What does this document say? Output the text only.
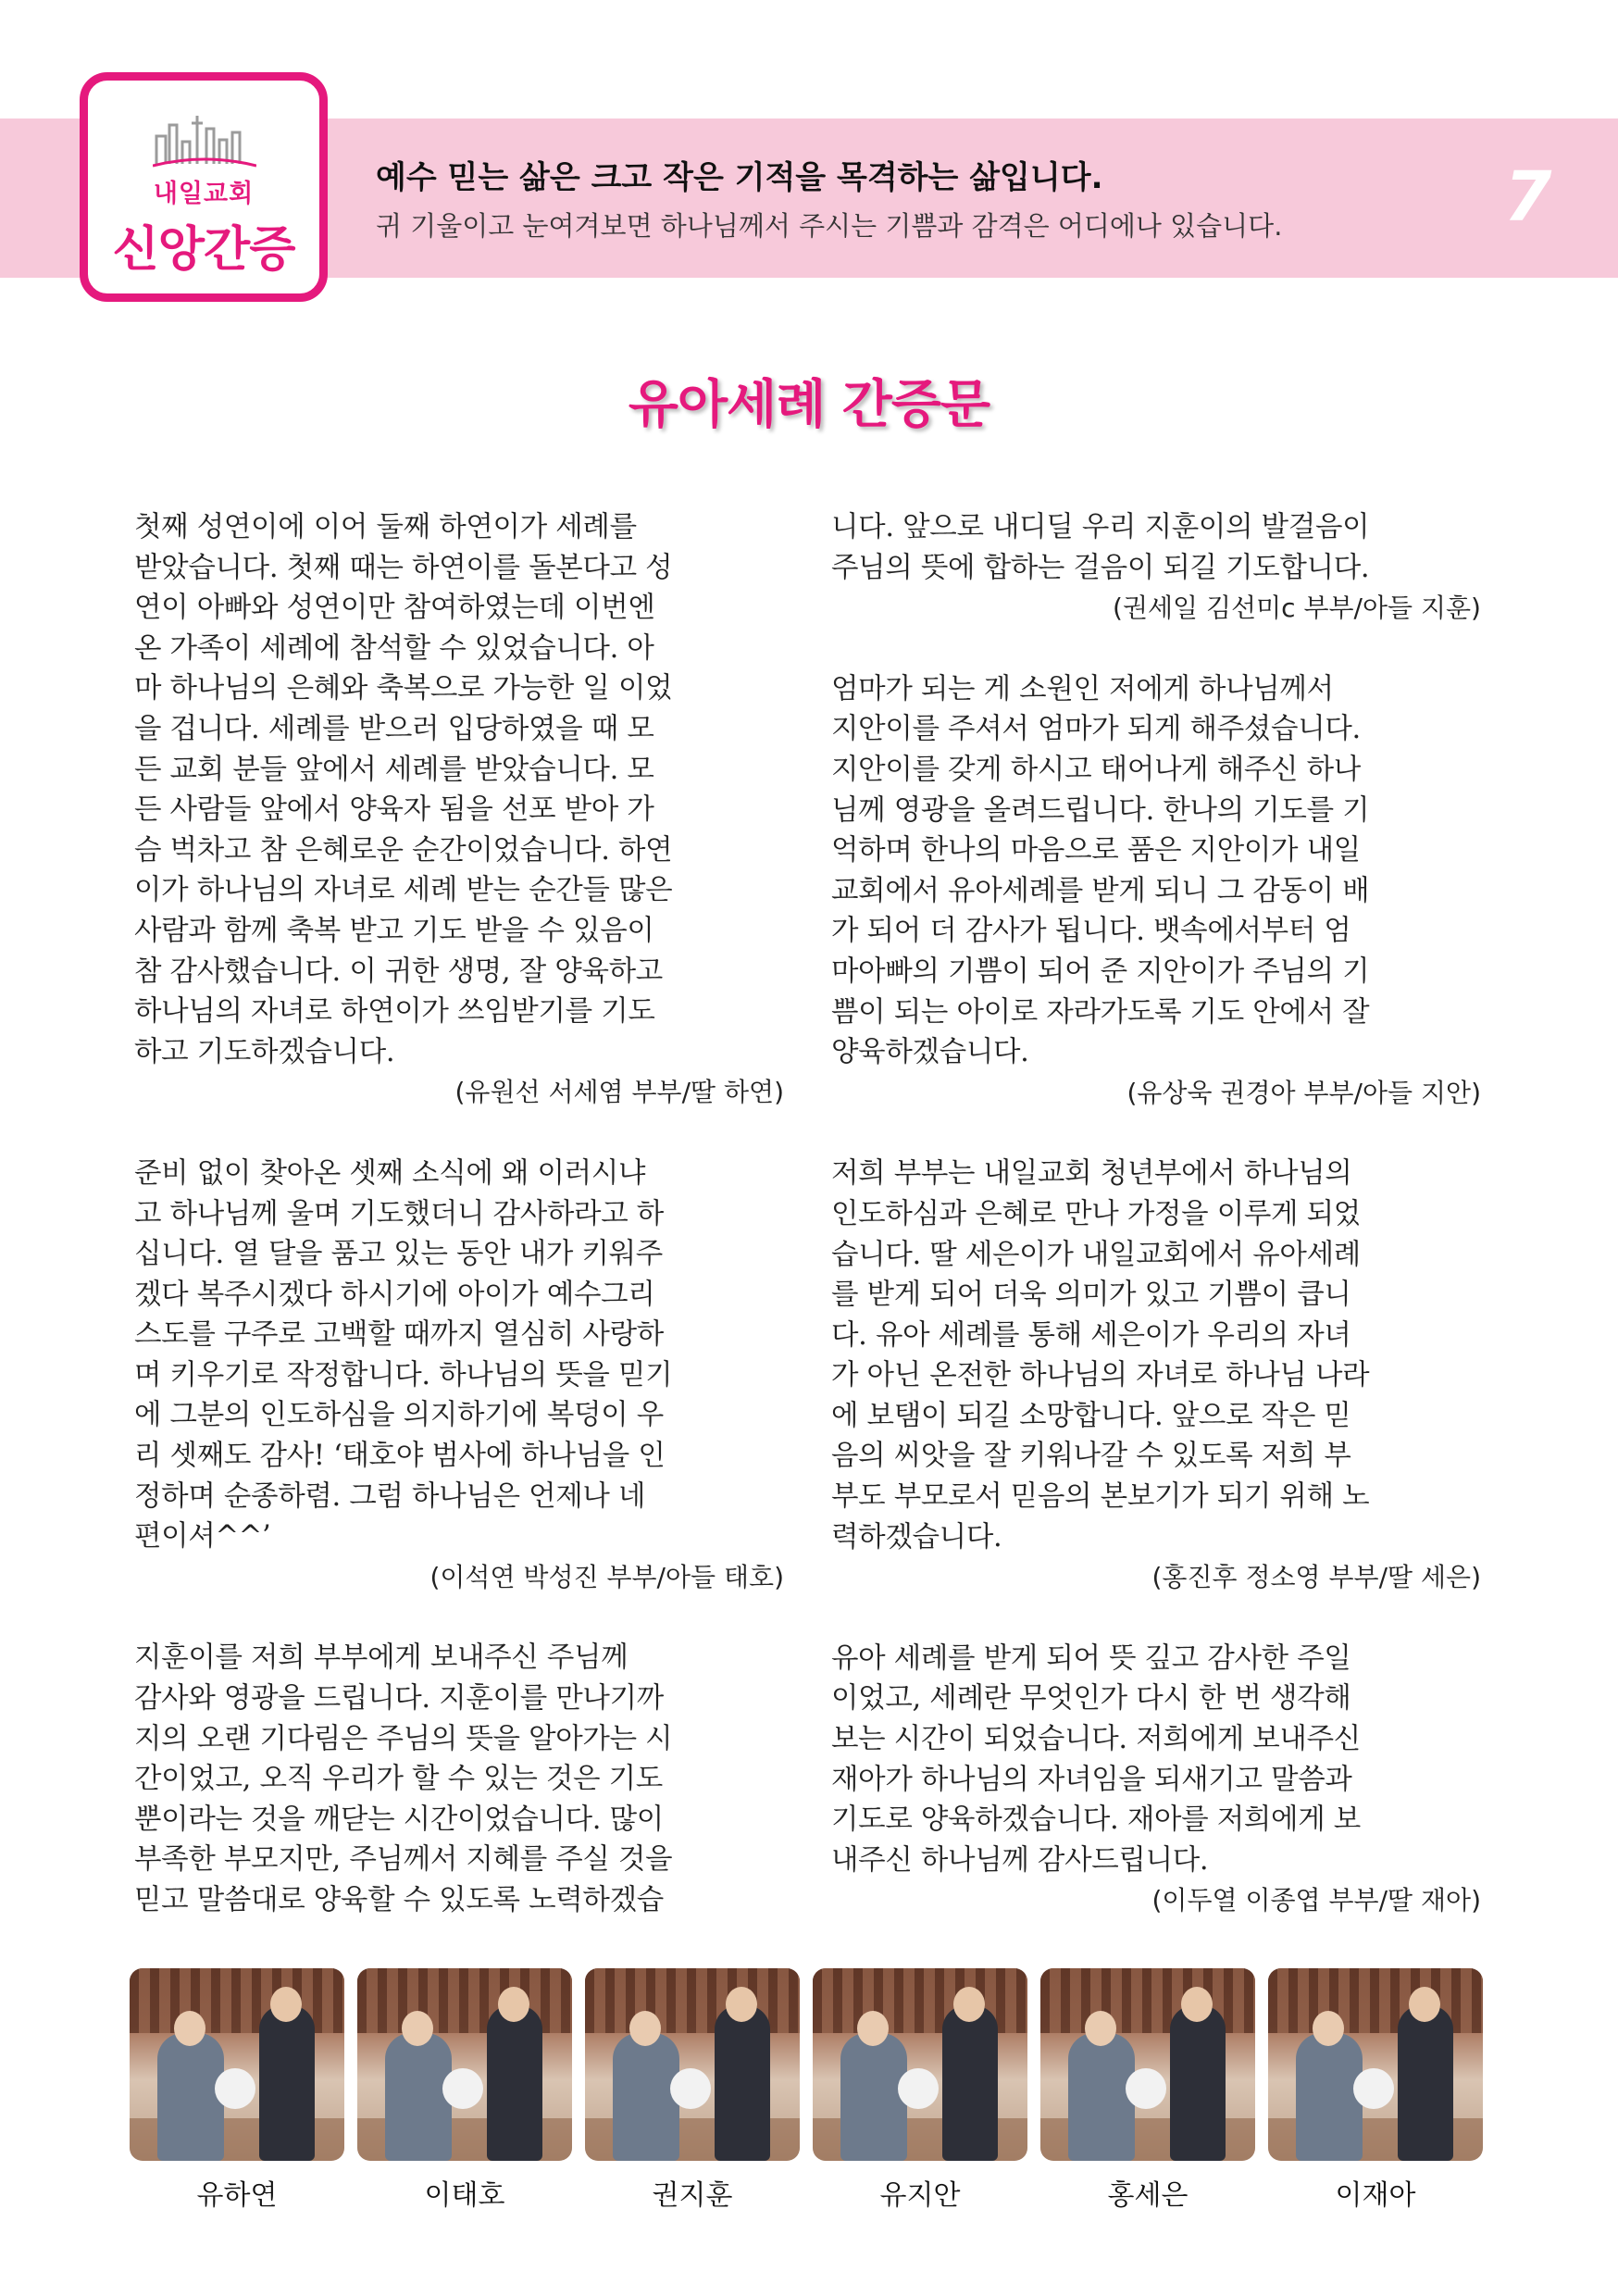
내일교회
신앙간증
예수 믿는 삶은 크고 작은 기적을 목격하는 삶입니다.
귀 기울이고 눈여겨보면 하나님께서 주시는 기쁨과 감격은 어디에나 있습니다.	7
유아세례 간증문

첫째 성연이에 이어 둘째 하연이가 세례를
받았습니다. 첫째 때는 하연이를 돌본다고 성
연이 아빠와 성연이만 참여하였는데 이번엔
온 가족이 세례에 참석할 수 있었습니다. 아
마 하나님의 은혜와 축복으로 가능한 일 이었
을 겁니다. 세례를 받으러 입당하였을 때 모
든 교회 분들 앞에서 세례를 받았습니다. 모
든 사람들 앞에서 양육자 됨을 선포 받아 가
슴 벅차고 참 은혜로운 순간이었습니다. 하연
이가 하나님의 자녀로 세례 받는 순간들 많은
사람과 함께 축복 받고 기도 받을 수 있음이
참 감사했습니다. 이 귀한 생명, 잘 양육하고
하나님의 자녀로 하연이가 쓰임받기를 기도
하고 기도하겠습니다.

(유원선 서세염 부부/딸 하연)

준비 없이 찾아온 셋째 소식에 왜 이러시냐
고 하나님께 울며 기도했더니 감사하라고 하
십니다. 열 달을 품고 있는 동안 내가 키워주
겠다 복주시겠다 하시기에 아이가 예수그리
스도를 구주로 고백할 때까지 열심히 사랑하
며 키우기로 작정합니다. 하나님의 뜻을 믿기
에 그분의 인도하심을 의지하기에 복덩이 우
리 셋째도 감사! ‘태호야 범사에 하나님을 인
정하며 순종하렴. 그럼 하나님은 언제나 네
편이셔^^’

(이석연 박성진 부부/아들 태호)

지훈이를 저희 부부에게 보내주신 주님께
감사와 영광을 드립니다. 지훈이를 만나기까
지의 오랜 기다림은 주님의 뜻을 알아가는 시
간이었고, 오직 우리가 할 수 있는 것은 기도
뿐이라는 것을 깨닫는 시간이었습니다. 많이
부족한 부모지만, 주님께서 지혜를 주실 것을
믿고 말씀대로 양육할 수 있도록 노력하겠습

니다. 앞으로 내디딜 우리 지훈이의 발걸음이
주님의 뜻에 합하는 걸음이 되길 기도합니다.

(권세일 김선미c 부부/아들 지훈)

엄마가 되는 게 소원인 저에게 하나님께서
지안이를 주셔서 엄마가 되게 해주셨습니다.
지안이를 갖게 하시고 태어나게 해주신 하나
님께 영광을 올려드립니다. 한나의 기도를 기
억하며 한나의 마음으로 품은 지안이가 내일
교회에서 유아세례를 받게 되니 그 감동이 배
가 되어 더 감사가 됩니다. 뱃속에서부터 엄
마아빠의 기쁨이 되어 준 지안이가 주님의 기
쁨이 되는 아이로 자라가도록 기도 안에서 잘
양육하겠습니다.

(유상욱 권경아 부부/아들 지안)

저희 부부는 내일교회 청년부에서 하나님의
인도하심과 은혜로 만나 가정을 이루게 되었
습니다. 딸 세은이가 내일교회에서 유아세례
를 받게 되어 더욱 의미가 있고 기쁨이 큽니
다. 유아 세례를 통해 세은이가 우리의 자녀
가 아닌 온전한 하나님의 자녀로 하나님 나라
에 보탬이 되길 소망합니다. 앞으로 작은 믿
음의 씨앗을 잘 키워나갈 수 있도록 저희 부
부도 부모로서 믿음의 본보기가 되기 위해 노
력하겠습니다.

(홍진후 정소영 부부/딸 세은)

유아 세례를 받게 되어 뜻 깊고 감사한 주일
이었고, 세례란 무엇인가 다시 한 번 생각해
보는 시간이 되었습니다. 저희에게 보내주신
재아가 하나님의 자녀임을 되새기고 말씀과
기도로 양육하겠습니다. 재아를 저희에게 보
내주신 하나님께 감사드립니다.

(이두열 이종엽 부부/딸 재아)

유하연	이태호	권지훈	유지안	홍세은	이재아
